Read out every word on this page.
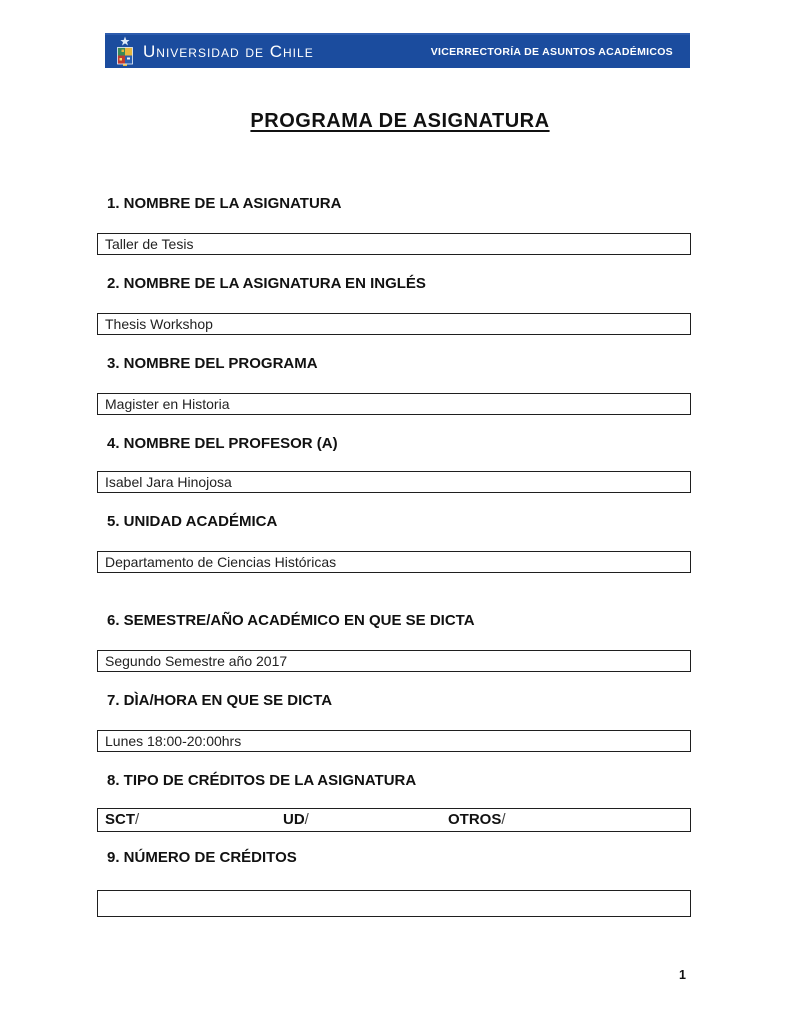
Universidad de Chile	VICERRECTORÍA DE ASUNTOS ACADÉMICOS
PROGRAMA DE ASIGNATURA
1. NOMBRE DE LA ASIGNATURA
Taller de Tesis
2. NOMBRE DE LA ASIGNATURA EN INGLÉS
Thesis Workshop
3. NOMBRE DEL PROGRAMA
Magister en Historia
4. NOMBRE DEL PROFESOR (A)
Isabel Jara Hinojosa
5. UNIDAD ACADÉMICA
Departamento de Ciencias Históricas
6. SEMESTRE/AÑO ACADÉMICO EN QUE SE DICTA
Segundo Semestre año 2017
7. DÌA/HORA EN QUE SE DICTA
Lunes 18:00-20:00hrs
8. TIPO DE CRÉDITOS DE LA ASIGNATURA
SCT/	UD/	OTROS/
9. NÚMERO DE CRÉDITOS
1
